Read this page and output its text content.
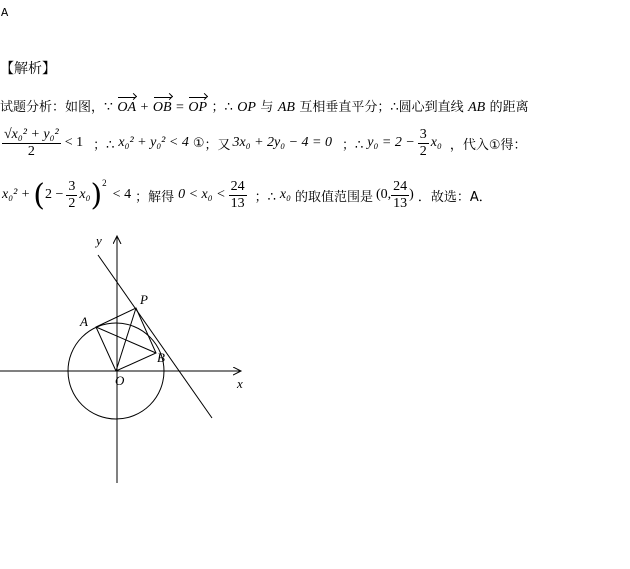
A
【解析】
试题分析：如图，∵ OA + OB = OP ；∴ OP 与 AB 互相垂直平分；∴圆心到直线 AB 的距离
$\frac{\text{√x₀² + y₀²}}{2} < 1$ ；∴ x₀² + y₀² < 4 ① ；又 3x₀ + 2y₀ − 4 = 0 ；∴ $y_0 = 2 - \frac{3}{2} x_0$ ，代入①得：
x₀² + ( $2 - \frac{3}{2} x_0$ ) 2
< 4 ；解得 $0 < x_0 < \frac{24}{13}$ ；∴ x₀ 的取值范围是 (0, $\frac{24}{13}$ ) ．故选：A．
y
x
O
P
A
B
